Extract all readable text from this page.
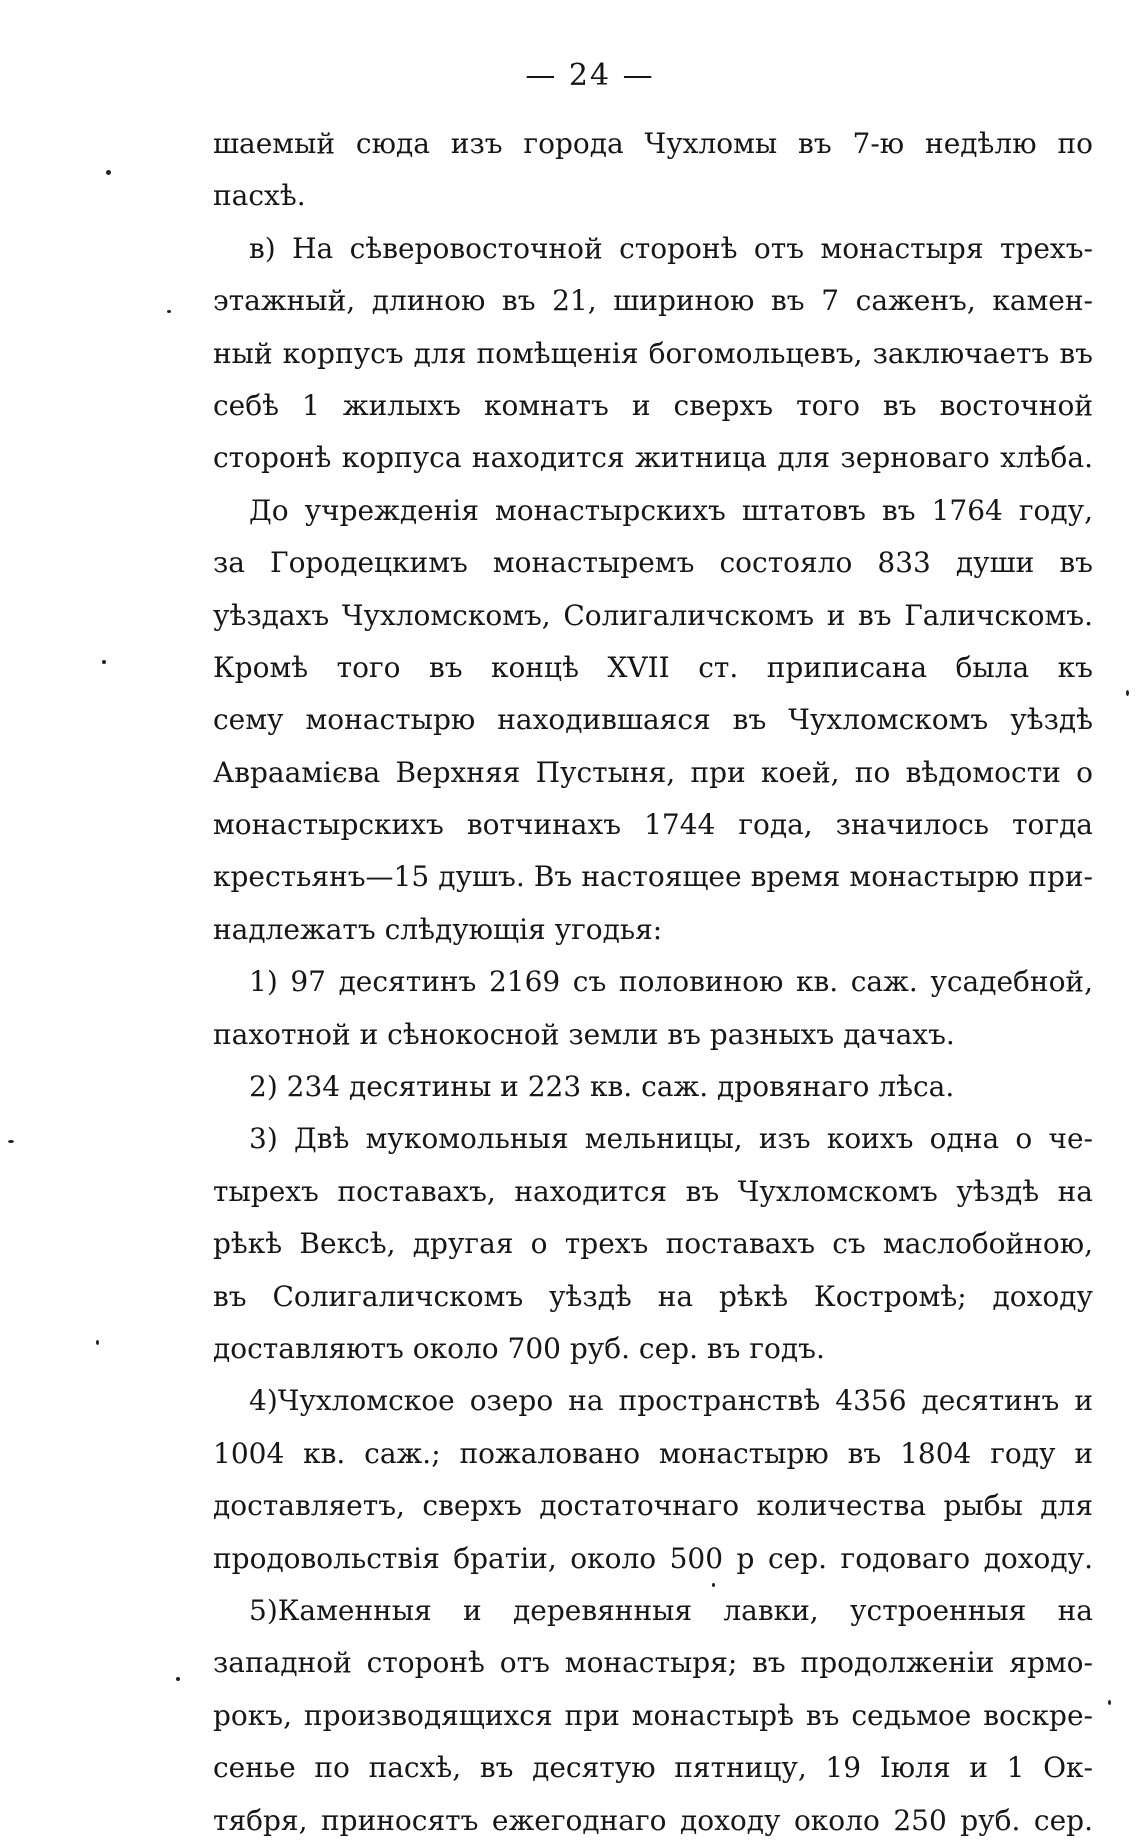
— 24 —
шаемый сюда изъ города Чухломы въ 7-ю недѣлю по
пасхѣ.
в) На сѣверовосточной сторонѣ отъ монастыря трехъ-
этажный, длиною въ 21, шириною въ 7 саженъ, камен-
ный корпусъ для помѣщенія богомольцевъ, заключаетъ въ
себѣ 1 жилыхъ комнатъ и сверхъ того въ восточной
сторонѣ корпуса находится житница для зерноваго хлѣба.
До учрежденія монастырскихъ штатовъ въ 1764 году,
за Городецкимъ монастыремъ состояло 833 души въ
уѣздахъ Чухломскомъ, Солигаличскомъ и въ Галичскомъ.
Кромѣ того въ концѣ XVII ст. приписана была къ
сему монастырю находившаяся въ Чухломскомъ уѣздѣ
Авраамієва Верхняя Пустыня, при коей, по вѣдомости о
монастырскихъ вотчинахъ 1744 года, значилось тогда
крестьянъ—15 душъ. Въ настоящее время монастырю при-
надлежатъ слѣдующія угодья:
1) 97 десятинъ 2169 съ половиною кв. саж. усадебной,
пахотной и сѣнокосной земли въ разныхъ дачахъ.
2) 234 десятины и 223 кв. саж. дровянаго лѣса.
3) Двѣ мукомольныя мельницы, изъ коихъ одна о че-
тырехъ поставахъ, находится въ Чухломскомъ уѣздѣ на
рѣкѣ Вексѣ, другая о трехъ поставахъ съ маслобойною,
въ Солигаличскомъ уѣздѣ на рѣкѣ Костромѣ; доходу
доставляютъ около 700 руб. сер. въ годъ.
4)Чухломское озеро на пространствѣ 4356 десятинъ и
1004 кв. саж.; пожаловано монастырю въ 1804 году и
доставляетъ, сверхъ достаточнаго количества рыбы для
продовольствія братіи, около 500 р сер. годоваго доходу.
5)Каменныя и деревянныя лавки, устроенныя на
западной сторонѣ отъ монастыря; въ продолженіи ярмо-
рокъ, производящихся при монастырѣ въ седьмое воскре-
сенье по пасхѣ, въ десятую пятницу, 19 Іюля и 1 Ок-
тября, приносятъ ежегоднаго доходу около 250 руб. сер.
